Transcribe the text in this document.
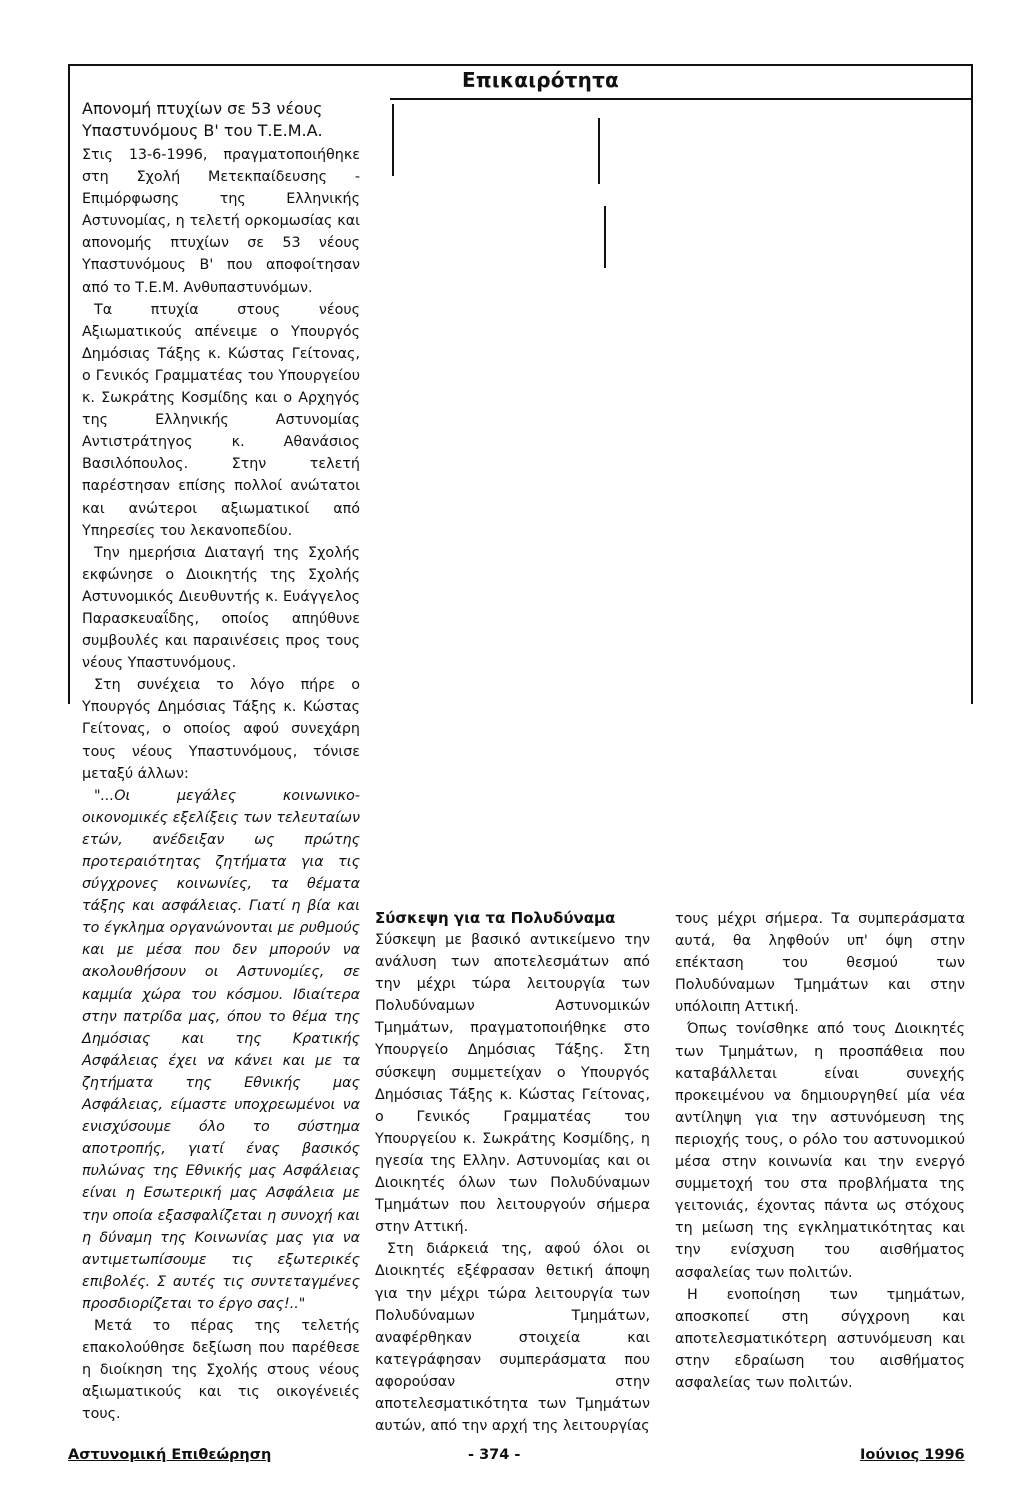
Επικαιρότητα
Απονομή πτυχίων σε 53 νέους
Υπαστυνόμους Β' του Τ.Ε.Μ.Α.

Στις 13-6-1996, πραγματοποιήθηκε στη Σχολή Μετεκπαίδευσης - Επιμόρφωσης της Ελληνικής Αστυνομίας, η τελετή ορκομωσίας και απονομής πτυχίων σε 53 νέους Υπαστυνόμους Β' που αποφοίτησαν από το Τ.Ε.Μ. Ανθυπαστυνόμων.

Τα πτυχία στους νέους Αξιωματικούς απένειμε ο Υπουργός Δημόσιας Τάξης κ. Κώστας Γείτονας, ο Γενικός Γραμματέας του Υπουργείου κ. Σωκράτης Κοσμίδης και ο Αρχηγός της Ελληνικής Αστυνομίας Αντιστράτηγος κ. Αθανάσιος Βασιλόπουλος. Στην τελετή παρέστησαν επίσης πολλοί ανώτατοι και ανώτεροι αξιωματικοί από Υπηρεσίες του λεκανοπεδίου.

Την ημερήσια Διαταγή της Σχολής εκφώνησε ο Διοικητής της Σχολής Αστυνομικός Διευθυντής κ. Ευάγγελος Παρασκευαΐδης, οποίος απηύθυνε συμβουλές και παραινέσεις προς τους νέους Υπαστυνόμους.

Στη συνέχεια το λόγο πήρε ο Υπουργός Δημόσιας Τάξης κ. Κώστας Γείτονας, ο οποίος αφού συνεχάρη τους νέους Υπαστυνόμους, τόνισε μεταξύ άλλων:

"...Οι μεγάλες κοινωνικο-οικονομικές εξελίξεις των τελευταίων ετών, ανέδειξαν ως πρώτης προτεραιότητας ζητήματα για τις σύγχρονες κοινωνίες, τα θέματα τάξης και ασφάλειας. Γιατί η βία και το έγκλημα οργανώνονται με ρυθμούς και με μέσα που δεν μπορούν να ακολουθήσουν οι Αστυνομίες, σε καμμία χώρα του κόσμου. Ιδιαίτερα στην πατρίδα μας, όπου το θέμα της Δημόσιας και της Κρατικής Ασφάλειας έχει να κάνει και με τα ζητήματα της Εθνικής μας Ασφάλειας, είμαστε υποχρεωμένοι να ενισχύσουμε όλο το σύστημα αποτροπής, γιατί ένας βασικός πυλώνας της Εθνικής μας Ασφάλειας είναι η Εσωτερική μας Ασφάλεια με την οποία εξασφαλίζεται η συνοχή και η δύναμη της Κοινωνίας μας για να αντιμετωπίσουμε τις εξωτερικές επιβολές. Σ αυτές τις συντεταγμένες προσδιορίζεται το έργο σας!.."

Μετά το πέρας της τελετής επακολούθησε δεξίωση που παρέθεσε η διοίκηση της Σχολής στους νέους αξιωματικούς και τις οικογένειές τους.

Σύσκεψη για τα Πολυδύναμα

Σύσκεψη με βασικό αντικείμενο την ανάλυση των αποτελεσμάτων από την μέχρι τώρα λειτουργία των Πολυδύναμων Αστυνομικών Τμημάτων, πραγματοποιήθηκε στο Υπουργείο Δημόσιας Τάξης. Στη σύσκεψη συμμετείχαν ο Υπουργός Δημόσιας Τάξης κ. Κώστας Γείτονας, ο Γενικός Γραμματέας του Υπουργείου κ. Σωκράτης Κοσμίδης, η ηγεσία της Ελλην. Αστυνομίας και οι Διοικητές όλων των Πολυδύναμων Τμημάτων που λειτουργούν σήμερα στην Αττική.

Στη διάρκειά της, αφού όλοι οι Διοικητές εξέφρασαν θετική άποψη για την μέχρι τώρα λειτουργία των Πολυδύναμων Τμημάτων, αναφέρθηκαν στοιχεία και κατεγράφησαν συμπεράσματα που αφορούσαν στην αποτελεσματικότητα των Τμημάτων αυτών, από την αρχή της λειτουργίας

τους μέχρι σήμερα. Τα συμπεράσματα αυτά, θα ληφθούν υπ' όψη στην επέκταση του θεσμού των Πολυδύναμων Τμημάτων και στην υπόλοιπη Αττική.

Όπως τονίσθηκε από τους Διοικητές των Τμημάτων, η προσπάθεια που καταβάλλεται είναι συνεχής προκειμένου να δημιουργηθεί μία νέα αντίληψη για την αστυνόμευση της περιοχής τους, ο ρόλο του αστυνομικού μέσα στην κοινωνία και την ενεργό συμμετοχή του στα προβλήματα της γειτονιάς, έχοντας πάντα ως στόχους τη μείωση της εγκληματικότητας και την ενίσχυση του αισθήματος ασφαλείας των πολιτών.

Η ενοποίηση των τμημάτων, αποσκοπεί στη σύγχρονη και αποτελεσματικότερη αστυνόμευση και στην εδραίωση του αισθήματος ασφαλείας των πολιτών.

Αστυνομική Επιθεώρηση	- 374 -	Ιούνιος 1996
